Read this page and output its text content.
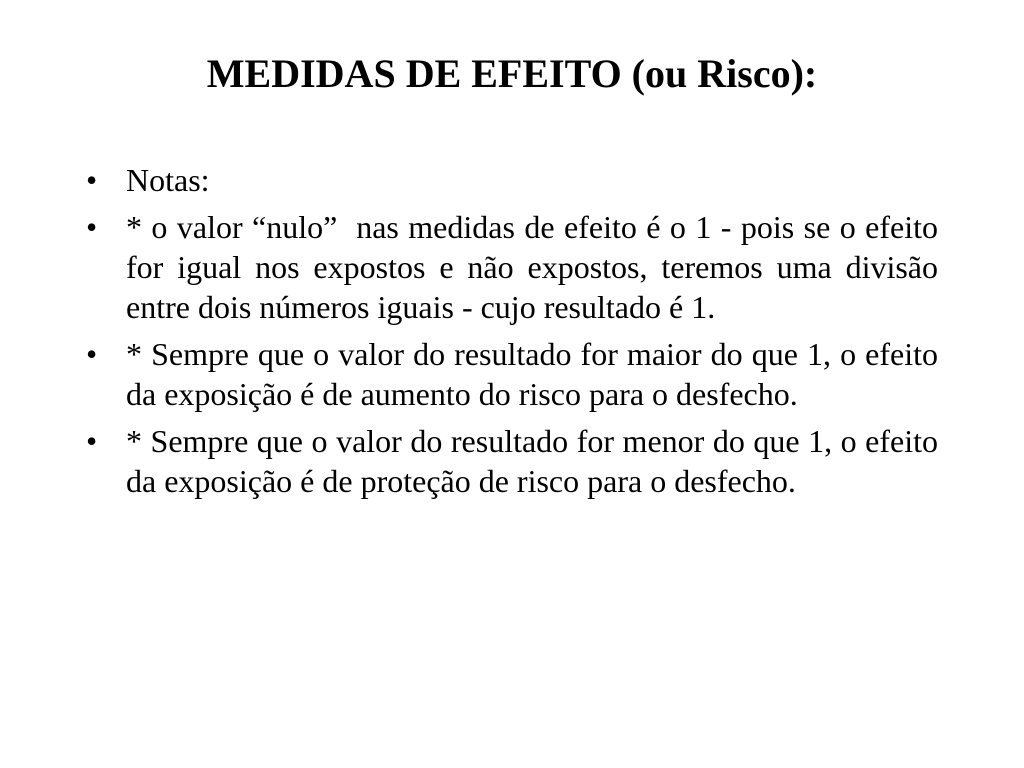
MEDIDAS DE EFEITO (ou Risco):
• Notas:
• * o valor “nulo”  nas medidas de efeito é o 1 - pois se o efeito for igual nos expostos e não expostos, teremos uma divisão entre dois números iguais - cujo resultado é 1.
• * Sempre que o valor do resultado for maior do que 1, o efeito da exposição é de aumento do risco para o desfecho.
• * Sempre que o valor do resultado for menor do que 1, o efeito da exposição é de proteção de risco para o desfecho.
